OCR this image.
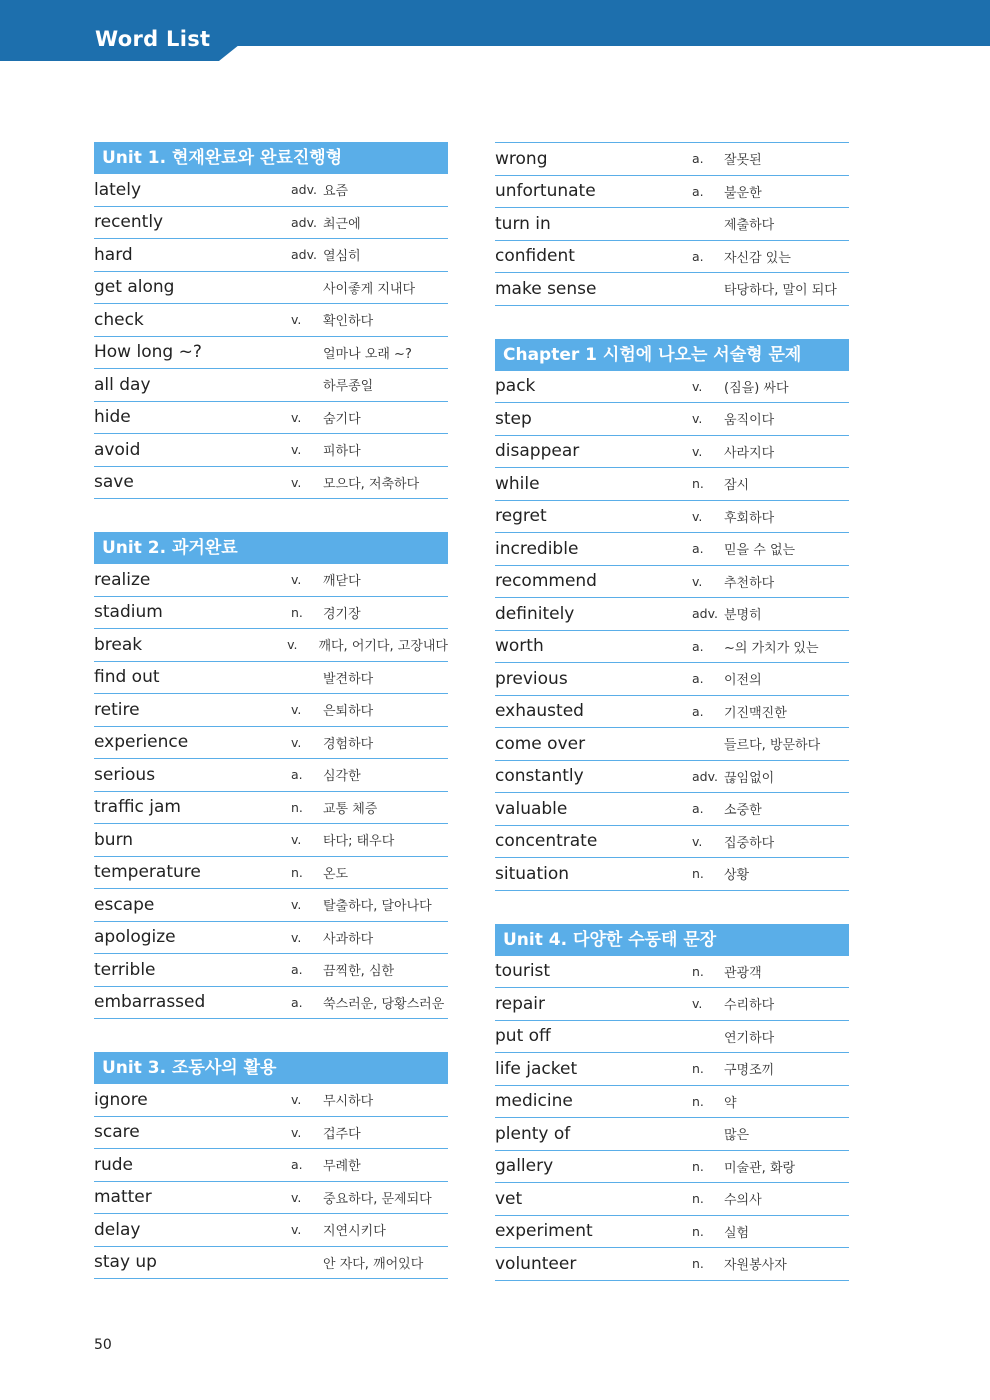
Word List
Unit 1. 현재완료와 완료진행형
lately	adv. 요즘
recently	adv. 최근에
hard	adv. 열심히
get along	사이좋게 지내다
check	v.	확인하다
How long ~?	얼마나 오래 ~?
all day	하루종일
hide	v.	숨기다
avoid	v.	피하다
save	v.	모으다, 저축하다
Unit 2. 과거완료
realize	v.	깨닫다
stadium	n.	경기장
break	v.	깨다, 어기다, 고장내다
find out	발견하다
retire	v.	은퇴하다
experience	v.	경험하다
serious	a.	심각한
traffic jam	n.	교통 체증
burn	v.	타다; 태우다
temperature	n.	온도
escape	v.	탈출하다, 달아나다
apologize	v.	사과하다
terrible	a.	끔찍한, 심한
embarrassed	a.	쑥스러운, 당황스러운
Unit 3. 조동사의 활용
ignore	v.	무시하다
scare	v.	겁주다
rude	a.	무례한
matter	v.	중요하다, 문제되다
delay	v.	지연시키다
stay up	안 자다, 깨어있다
wrong	a.	잘못된
unfortunate	a.	불운한
turn in	제출하다
confident	a.	자신감 있는
make sense	타당하다, 말이 되다
Chapter 1 시험에 나오는 서술형 문제
pack	v.	(짐을) 싸다
step	v.	움직이다
disappear	v.	사라지다
while	n.	잠시
regret	v.	후회하다
incredible	a.	믿을 수 없는
recommend	v.	추천하다
definitely	adv. 분명히
worth	a.	~의 가치가 있는
previous	a.	이전의
exhausted	a.	기진맥진한
come over	들르다, 방문하다
constantly	adv. 끊임없이
valuable	a.	소중한
concentrate	v.	집중하다
situation	n.	상황
Unit 4. 다양한 수동태 문장
tourist	n.	관광객
repair	v.	수리하다
put off	연기하다
life jacket	n.	구명조끼
medicine	n.	약
plenty of	많은
gallery	n.	미술관, 화랑
vet	n.	수의사
experiment	n.	실험
volunteer	n.	자원봉사자
50
